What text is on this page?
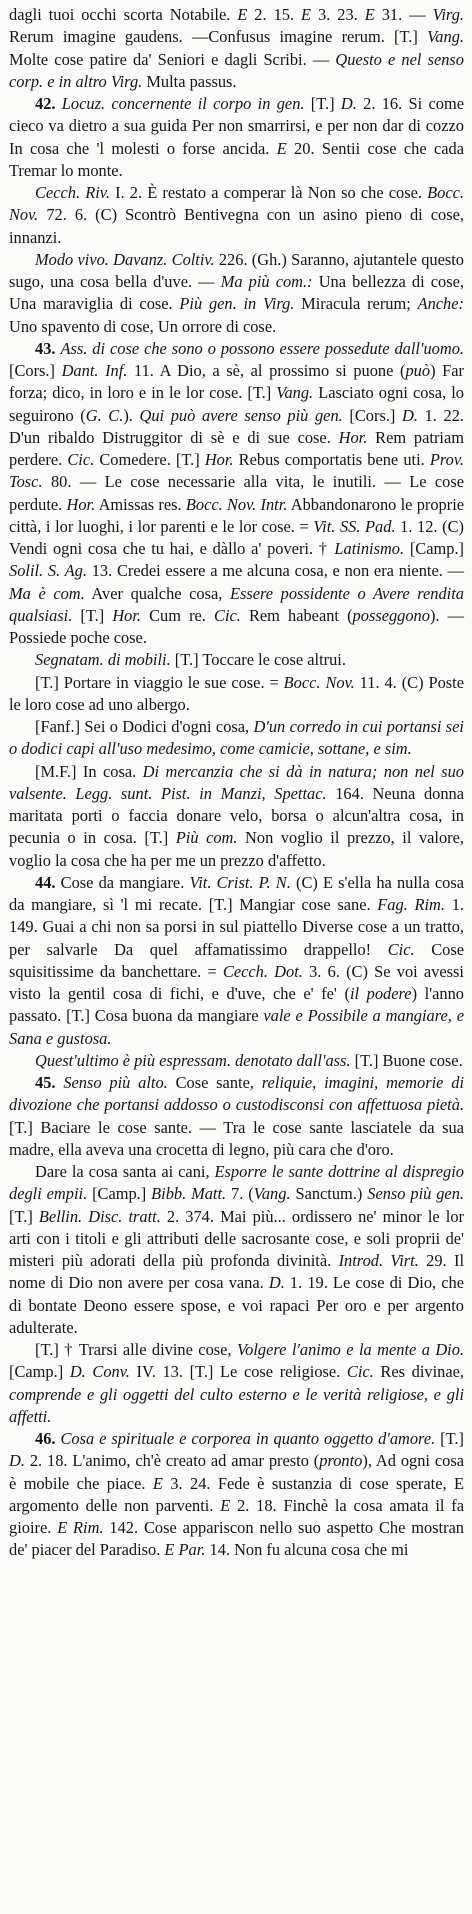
dagli tuoi occhi scorta Notabile. E 2. 15. E 3. 23. E 31. — Virg. Rerum imagine gaudens. —Confusus imagine rerum. [T.] Vang. Molte cose patire da' Seniori e dagli Scribi. — Questo e nel senso corp. e in altro Virg. Multa passus.

42. Locuz. concernente il corpo in gen. [T.] D. 2. 16. Si come cieco va dietro a sua guida Per non smarrirsi, e per non dar di cozzo In cosa che 'l molesti o forse ancida. E 20. Sentii cose che cada Tremar lo monte.

Cecch. Riv. I. 2. È restato a comperar là Non so che cose. Bocc. Nov. 72. 6. (C) Scontrò Bentivegna con un asino pieno di cose, innanzi.

Modo vivo. Davanz. Coltiv. 226. (Gh.) Saranno, ajutantele questo sugo, una cosa bella d'uve. — Ma più com.: Una bellezza di cose, Una maraviglia di cose. Più gen. in Virg. Miracula rerum; Anche: Uno spavento di cose, Un orrore di cose.

43. Ass. di cose che sono o possono essere possedute dall'uomo. [Cors.] Dant. Inf. 11. A Dio, a sè, al prossimo si puone (può) Far forza; dico, in loro e in le lor cose. [T.] Vang. Lasciato ogni cosa, lo seguirono (G. C.). Qui può avere senso più gen. [Cors.] D. 1. 22. D'un ribaldo Distruggitor di sè e di sue cose. Hor. Rem patriam perdere. Cic. Comedere. [T.] Hor. Rebus comportatis bene uti. Prov. Tosc. 80. — Le cose necessarie alla vita, le inutili. — Le cose perdute. Hor. Amissas res. Bocc. Nov. Intr. Abbandonarono le proprie città, i lor luoghi, i lor parenti e le lor cose. = Vit. SS. Pad. 1. 12. (C) Vendi ogni cosa che tu hai, e dàllo a' poveri. † Latinismo. [Camp.] Solil. S. Ag. 13. Credei essere a me alcuna cosa, e non era niente. — Ma è com. Aver qualche cosa, Essere possidente o Avere rendita qualsiasi. [T.] Hor. Cum re. Cic. Rem habeant (posseggono). — Possiede poche cose.

Segnatam. di mobili. [T.] Toccare le cose altrui.

[T.] Portare in viaggio le sue cose. = Bocc. Nov. 11. 4. (C) Poste le loro cose ad uno albergo.

[Fanf.] Sei o Dodici d'ogni cosa, D'un corredo in cui portansi sei o dodici capi all'uso medesimo, come camicie, sottane, e sim.

[M.F.] In cosa. Di mercanzia che si dà in natura; non nel suo valsente. Legg. sunt. Pist. in Manzi, Spettac. 164. Neuna donna maritata porti o faccia donare velo, borsa o alcun'altra cosa, in pecunia o in cosa. [T.] Più com. Non voglio il prezzo, il valore, voglio la cosa che ha per me un prezzo d'affetto.

44. Cose da mangiare. Vit. Crist. P. N. (C) E s'ella ha nulla cosa da mangiare, sì 'l mi recate. [T.] Mangiar cose sane. Fag. Rim. 1. 149. Guai a chi non sa porsi in sul piattello Diverse cose a un tratto, per salvarle Da quel affamatissimo drappello! Cic. Cose squisitissime da banchettare. = Cecch. Dot. 3. 6. (C) Se voi avessi visto la gentil cosa di fichi, e d'uve, che e' fe' (il podere) l'anno passato. [T.] Cosa buona da mangiare vale e Possibile a mangiare, e Sana e gustosa.

Quest'ultimo è più espressam. denotato dall'ass. [T.] Buone cose.

45. Senso più alto. Cose sante, reliquie, imagini, memorie di divozione che portansi addosso o custodisconsi con affettuosa pietà. [T.] Baciare le cose sante. — Tra le cose sante lasciatele da sua madre, ella aveva una crocetta di legno, più cara che d'oro.

Dare la cosa santa ai cani, Esporre le sante dottrine al dispregio degli empii. [Camp.] Bibb. Matt. 7. (Vang. Sanctum.) Senso più gen. [T.] Bellin. Disc. tratt. 2. 374. Mai più... ordissero ne' minor le lor arti con i titoli e gli attributi delle sacrosante cose, e soli proprii de' misteri più adorati della più profonda divinità. Introd. Virt. 29. Il nome di Dio non avere per cosa vana. D. 1. 19. Le cose di Dio, che di bontate Deono essere spose, e voi rapaci Per oro e per argento adulterate.

[T.] † Trarsi alle divine cose, Volgere l'animo e la mente a Dio. [Camp.] D. Conv. IV. 13. [T.] Le cose religiose. Cic. Res divinae, comprende e gli oggetti del culto esterno e le verità religiose, e gli affetti.

46. Cosa e spirituale e corporea in quanto oggetto d'amore. [T.] D. 2. 18. L'animo, ch'è creato ad amar presto (pronto), Ad ogni cosa è mobile che piace. E 3. 24. Fede è sustanzia di cose sperate, E argomento delle non parventi. E 2. 18. Finchè la cosa amata il fa gioire. E Rim. 142. Cose appariscon nello suo aspetto Che mostran de' piacer del Paradiso. E Par. 14. Non fu alcuna cosa che mi
